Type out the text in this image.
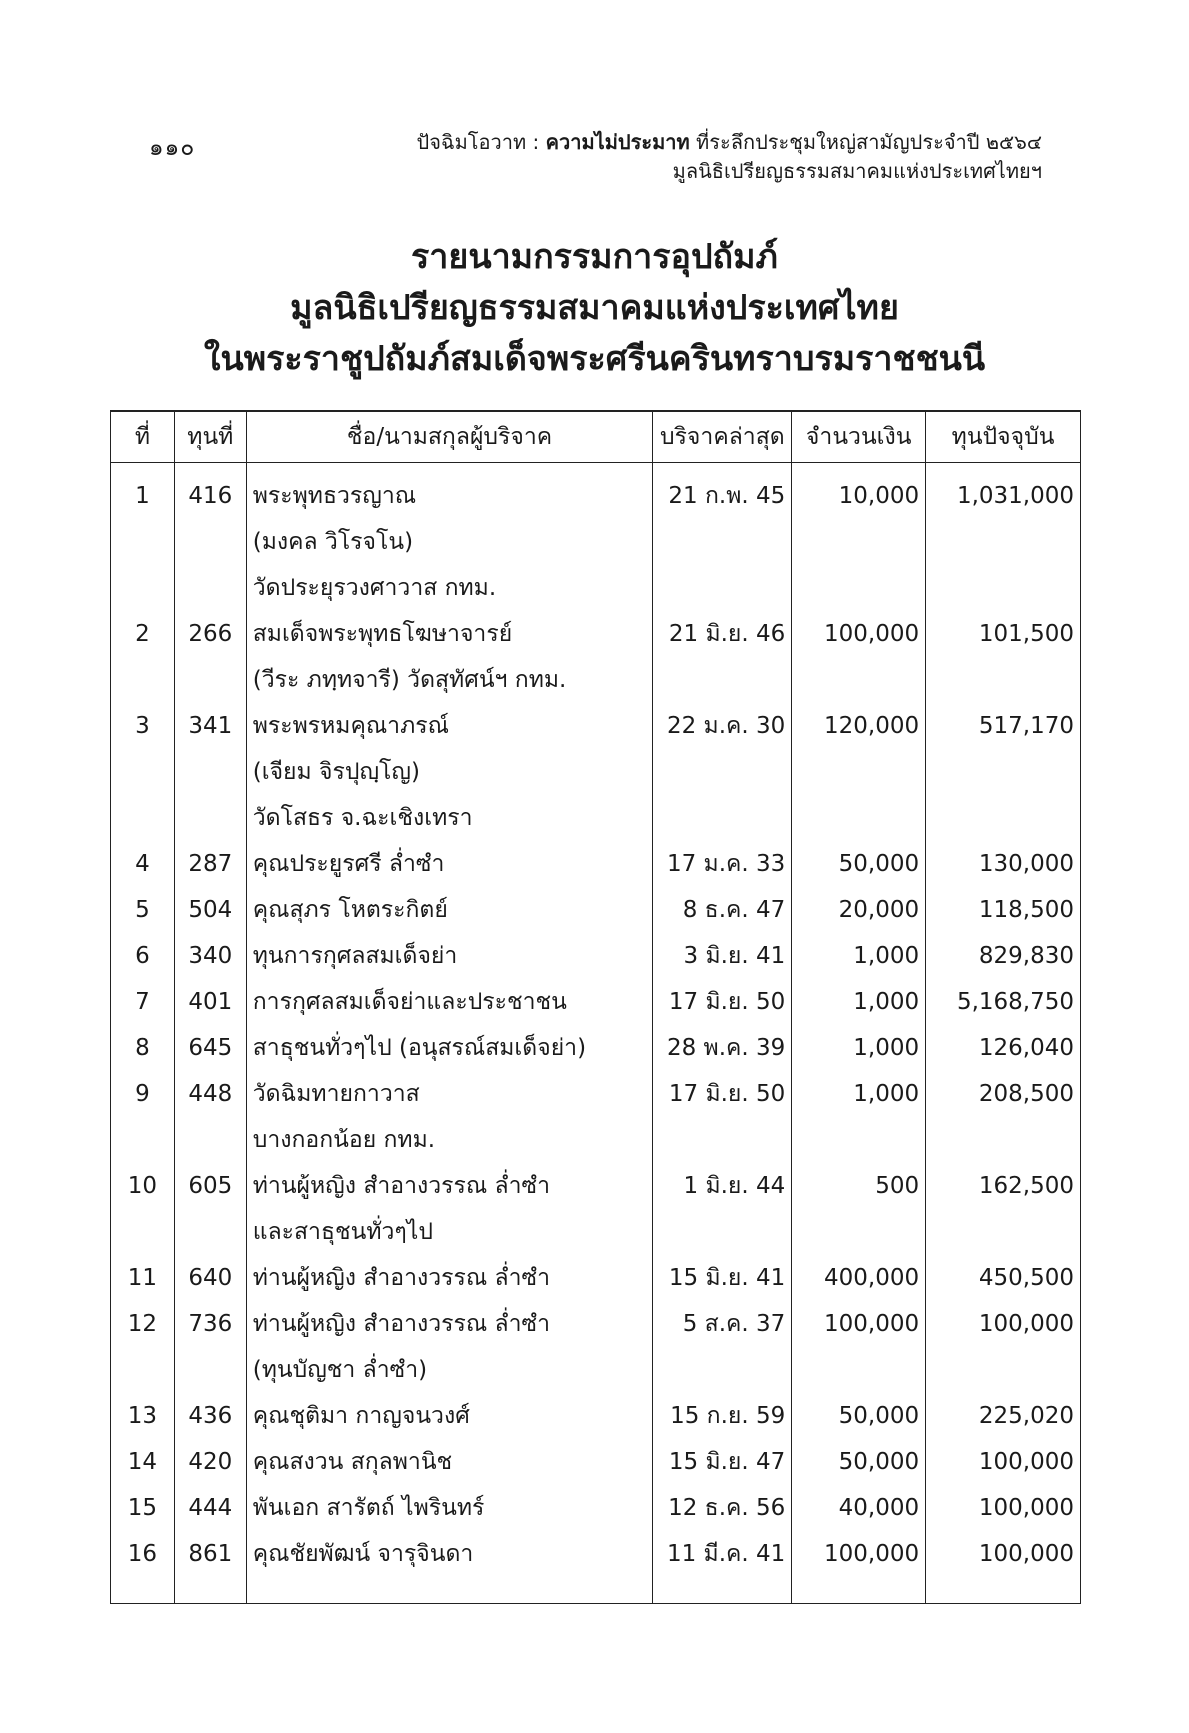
๑๑๐	ปัจฉิมโอวาท : ความไม่ประมาท ที่ระลึกประชุมใหญ่สามัญประจำปี ๒๕๖๔
มูลนิธิเปรียญธรรมสมาคมแห่งประเทศไทยฯ
รายนามกรรมการอุปถัมภ์
มูลนิธิเปรียญธรรมสมาคมแห่งประเทศไทย
ในพระราชูปถัมภ์สมเด็จพระศรีนครินทราบรมราชชนนี
ที่	ทุนที่	ชื่อ/นามสกุลผู้บริจาค	บริจาคล่าสุด	จำนวนเงิน	ทุนปัจจุบัน

1	416	พระพุทธวรญาณ	21 ก.พ. 45	10,000	1,031,000
		(มงคล วิโรจโน)			
		วัดประยุรวงศาวาส กทม.			
2	266	สมเด็จพระพุทธโฆษาจารย์	21 มิ.ย. 46	100,000	101,500
		(วีระ ภทฺทจารี) วัดสุทัศน์ฯ กทม.			
3	341	พระพรหมคุณาภรณ์	22 ม.ค. 30	120,000	517,170
		(เจียม จิรปุญฺโญ)			
		วัดโสธร จ.ฉะเชิงเทรา			
4	287	คุณประยูรศรี ล่ำซำ	17 ม.ค. 33	50,000	130,000
5	504	คุณสุภร โหตระกิตย์	8 ธ.ค. 47	20,000	118,500
6	340	ทุนการกุศลสมเด็จย่า	3 มิ.ย. 41	1,000	829,830
7	401	การกุศลสมเด็จย่าและประชาชน	17 มิ.ย. 50	1,000	5,168,750
8	645	สาธุชนทั่วๆไป (อนุสรณ์สมเด็จย่า)	28 พ.ค. 39	1,000	126,040
9	448	วัดฉิมทายกาวาส	17 มิ.ย. 50	1,000	208,500
		บางกอกน้อย กทม.			
10	605	ท่านผู้หญิง สำอางวรรณ ล่ำซำ	1 มิ.ย. 44	500	162,500
		และสาธุชนทั่วๆไป			
11	640	ท่านผู้หญิง สำอางวรรณ ล่ำซำ	15 มิ.ย. 41	400,000	450,500
12	736	ท่านผู้หญิง สำอางวรรณ ล่ำซำ	5 ส.ค. 37	100,000	100,000
		(ทุนบัญชา ล่ำซำ)			
13	436	คุณชุติมา กาญจนวงศ์	15 ก.ย. 59	50,000	225,020
14	420	คุณสงวน สกุลพานิช	15 มิ.ย. 47	50,000	100,000
15	444	พันเอก สารัตถ์ ไพรินทร์	12 ธ.ค. 56	40,000	100,000
16	861	คุณชัยพัฒน์ จารุจินดา	11 มี.ค. 41	100,000	100,000
